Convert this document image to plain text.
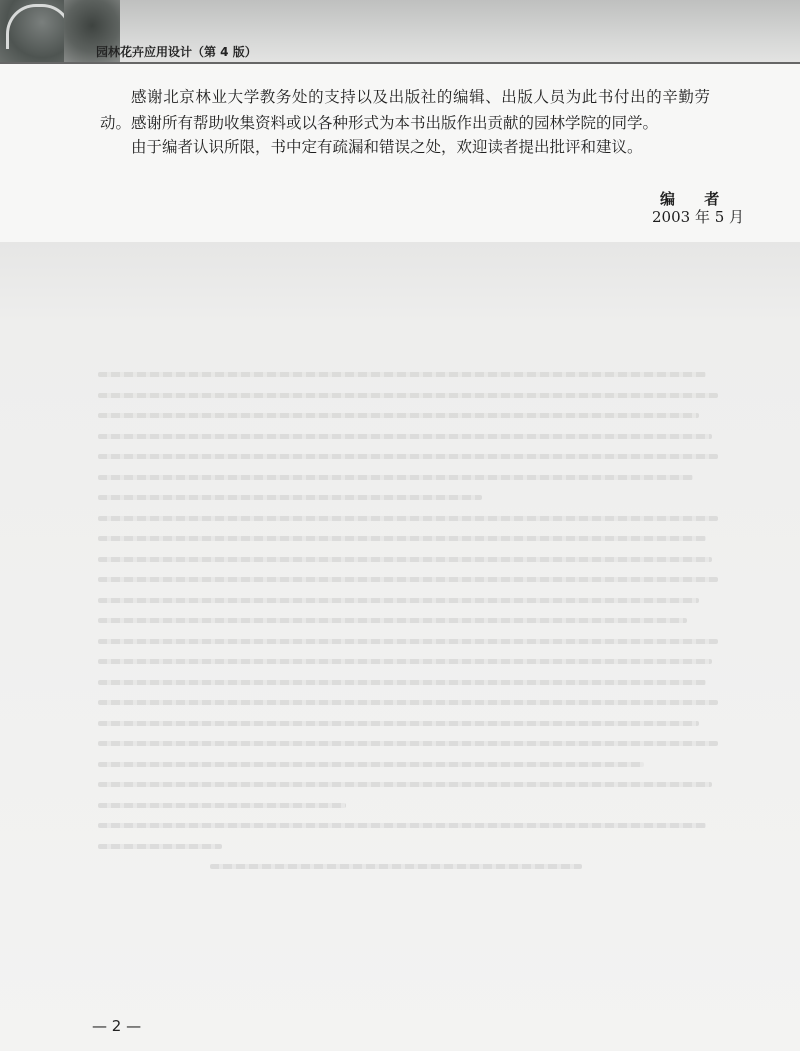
园林花卉应用设计（第 4 版）

感谢北京林业大学教务处的支持以及出版社的编辑、出版人员为此书付出的辛勤劳动。感谢所有帮助收集资料或以各种形式为本书出版作出贡献的园林学院的同学。

由于编者认识所限，书中定有疏漏和错误之处，欢迎读者提出批评和建议。

编 者
2003 年 5 月
— 2 —
